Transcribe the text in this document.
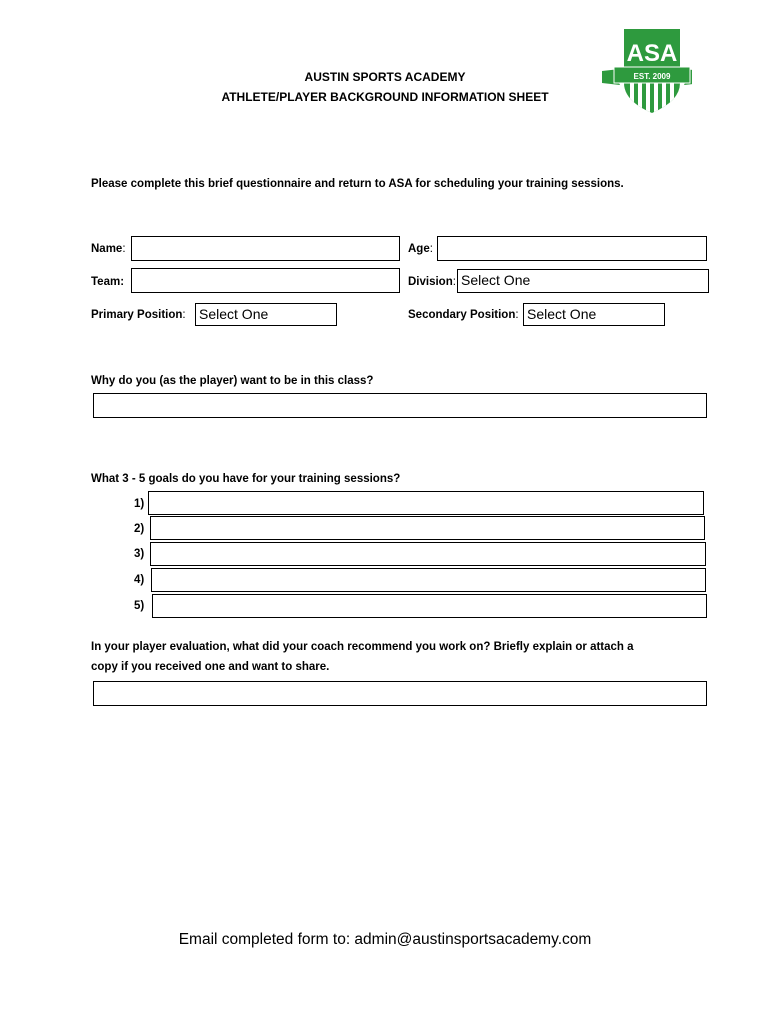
AUSTIN SPORTS ACADEMY
ATHLETE/PLAYER BACKGROUND INFORMATION SHEET
ASA
EST. 2009
Please complete this brief questionnaire and return to ASA for scheduling your training sessions.
Name:	Age:
Team:	Division: Select One
Primary Position: Select One	Secondary Position: Select One
Why do you (as the player) want to be in this class?
What 3 - 5 goals do you have for your training sessions?
1)
2)
3)
4)
5)
In your player evaluation, what did your coach recommend you work on? Briefly explain or attach a
copy if you received one and want to share.
Email completed form to: admin@austinsportsacademy.com
